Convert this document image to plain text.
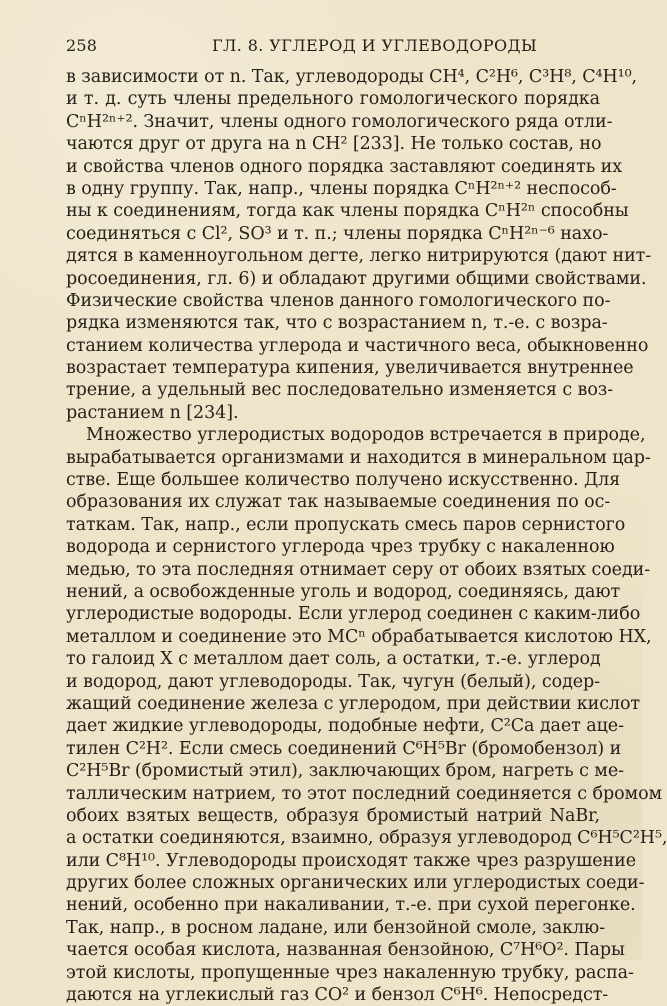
258	ГЛ. 8. УГЛЕРОД И УГЛЕВОДОРОДЫ
в зависимости от n. Так, углеводороды CH⁴, C²H⁶, C³H⁸, C⁴H¹⁰,
и т. д. суть члены предельного гомологического порядка
CⁿH²ⁿ⁺². Значит, члены одного гомологического ряда отли-
чаются друг от друга на n CH² [233]. Не только состав, но
и свойства членов одного порядка заставляют соединять их
в одну группу. Так, напр., члены порядка CⁿH²ⁿ⁺² неспособ-
ны к соединениям, тогда как члены порядка CⁿH²ⁿ способны
соединяться с Cl², SO³ и т. п.; члены порядка CⁿH²ⁿ⁻⁶ нахо-
дятся в каменноугольном дегте, легко нитрируются (дают нит-
росоединения, гл. 6) и обладают другими общими свойствами.
Физические свойства членов данного гомологического по-
рядка изменяются так, что с возрастанием n, т.-е. с возра-
станием количества углерода и частичного веса, обыкновенно
возрастает температура кипения, увеличивается внутреннее
трение, а удельный вес последовательно изменяется с воз-
растанием n [234].
Множество углеродистых водородов встречается в природе,
вырабатывается организмами и находится в минеральном цар-
стве. Еще большее количество получено искусственно. Для
образования их служат так называемые соединения по ос-
таткам. Так, напр., если пропускать смесь паров сернистого
водорода и сернистого углерода чрез трубку с накаленною
медью, то эта последняя отнимает серу от обоих взятых соеди-
нений, а освобожденные уголь и водород, соединяясь, дают
углеродистые водороды. Если углерод соединен с каким-либо
металлом и соединение это MCⁿ обрабатывается кислотою HX,
то галоид X с металлом дает соль, а остатки, т.-е. углерод
и водород, дают углеводороды. Так, чугун (белый), содер-
жащий соединение железа с углеродом, при действии кислот
дает жидкие углеводороды, подобные нефти, C²Ca дает аце-
тилен C²H². Если смесь соединений C⁶H⁵Br (бромобензол) и
C²H⁵Br (бромистый этил), заключающих бром, нагреть с ме-
таллическим натрием, то этот последний соединяется с бромом
обоих взятых веществ, образуя бромистый натрий NaBr,
а остатки соединяются, взаимно, образуя углеводород C⁶H⁵C²H⁵,
или C⁸H¹⁰. Углеводороды происходят также чрез разрушение
других более сложных органических или углеродистых соеди-
нений, особенно при накаливании, т.-е. при сухой перегонке.
Так, напр., в росном ладане, или бензойной смоле, заклю-
чается особая кислота, названная бензойною, C⁷H⁶O². Пары
этой кислоты, пропущенные чрез накаленную трубку, распа-
даются на углекислый газ CO² и бензол C⁶H⁶. Непосредст-
